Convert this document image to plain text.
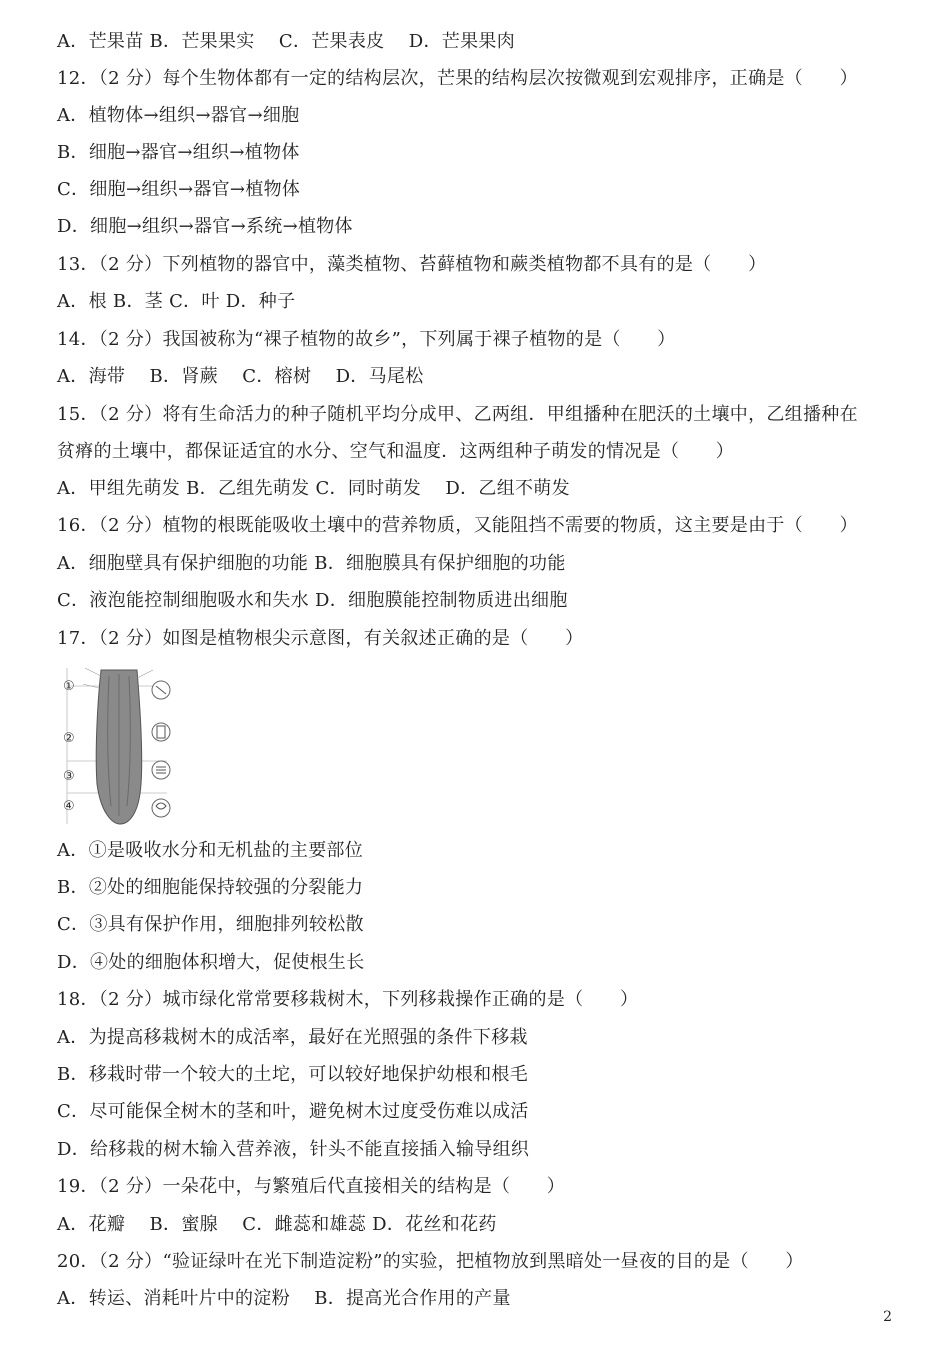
A．芒果苗 B．芒果果实　 C．芒果表皮　 D．芒果果肉
12．（2 分）每个生物体都有一定的结构层次，芒果的结构层次按微观到宏观排序，正确是（　　）
A．植物体→组织→器官→细胞
B．细胞→器官→组织→植物体
C．细胞→组织→器官→植物体
D．细胞→组织→器官→系统→植物体
13．（2 分）下列植物的器官中，藻类植物、苔藓植物和蕨类植物都不具有的是（　　）
A．根 B．茎 C．叶 D．种子
14．（2 分）我国被称为“裸子植物的故乡”，下列属于裸子植物的是（　　）
A．海带　 B．肾蕨　 C．榕树　 D．马尾松
15．（2 分）将有生命活力的种子随机平均分成甲、乙两组．甲组播种在肥沃的土壤中，乙组播种在
贫瘠的土壤中，都保证适宜的水分、空气和温度．这两组种子萌发的情况是（　　）
A．甲组先萌发 B．乙组先萌发 C．同时萌发　 D．乙组不萌发
16．（2 分）植物的根既能吸收土壤中的营养物质，又能阻挡不需要的物质，这主要是由于（　　）
A．细胞壁具有保护细胞的功能 B．细胞膜具有保护细胞的功能
C．液泡能控制细胞吸水和失水 D．细胞膜能控制物质进出细胞
17．（2 分）如图是植物根尖示意图，有关叙述正确的是（　　）
①
②
③
④
A．①是吸收水分和无机盐的主要部位
B．②处的细胞能保持较强的分裂能力
C．③具有保护作用，细胞排列较松散
D．④处的细胞体积增大，促使根生长
18．（2 分）城市绿化常常要移栽树木，下列移栽操作正确的是（　　）
A．为提高移栽树木的成活率，最好在光照强的条件下移栽
B．移栽时带一个较大的土坨，可以较好地保护幼根和根毛
C．尽可能保全树木的茎和叶，避免树木过度受伤难以成活
D．给移栽的树木输入营养液，针头不能直接插入输导组织
19．（2 分）一朵花中，与繁殖后代直接相关的结构是（　　）
A．花瓣　 B．蜜腺　 C．雌蕊和雄蕊 D．花丝和花药
20．（2 分）“验证绿叶在光下制造淀粉”的实验，把植物放到黑暗处一昼夜的目的是（　　）
A．转运、消耗叶片中的淀粉　 B．提高光合作用的产量
2
